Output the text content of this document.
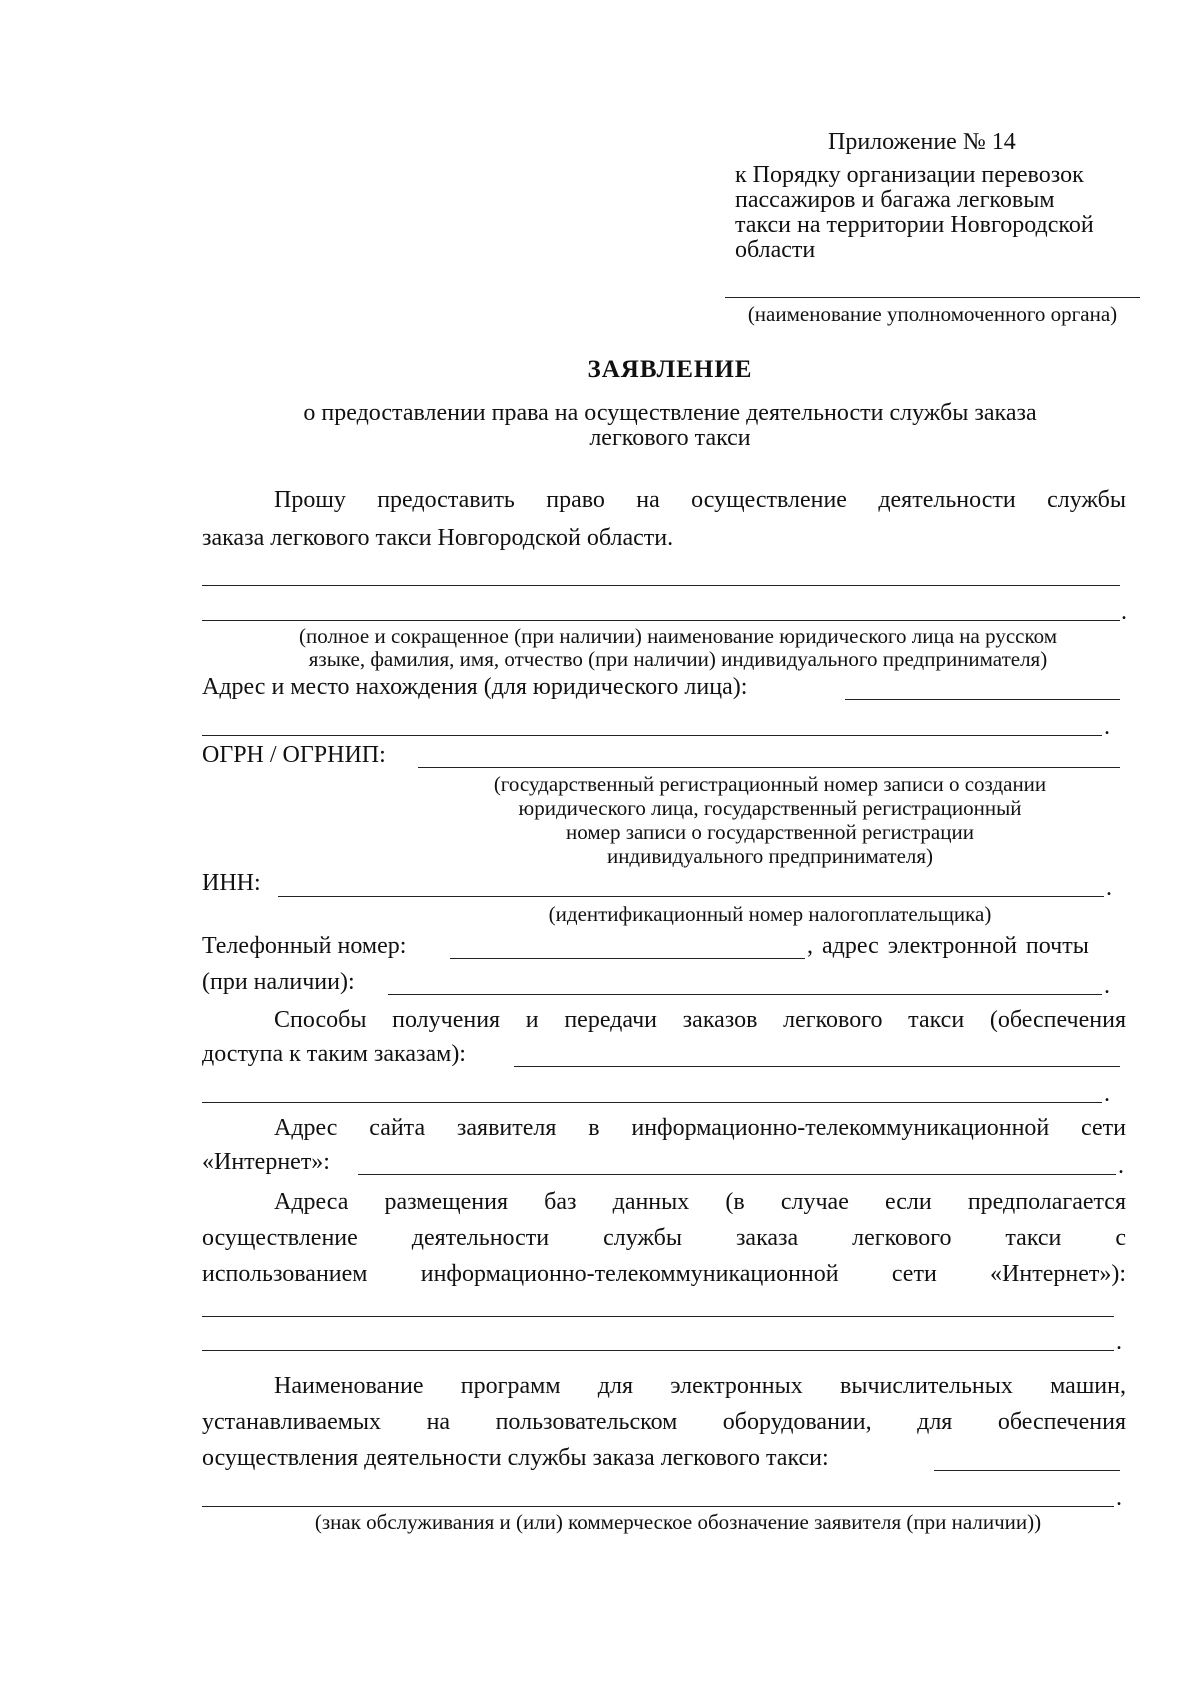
Приложение № 14
к Порядку организации перевозок
пассажиров и багажа легковым
такси на территории Новгородской
области
(наименование уполномоченного органа)
ЗАЯВЛЕНИЕ
о предоставлении права на осуществление деятельности службы заказа
легкового такси
Прошу предоставить право на осуществление деятельности службы
заказа легкового такси Новгородской области.
.
(полное и сокращенное (при наличии) наименование юридического лица на русском
языке, фамилия, имя, отчество (при наличии) индивидуального предпринимателя)
Адрес и место нахождения (для юридического лица):
.
ОГРН / ОГРНИП:
(государственный регистрационный номер записи о создании
юридического лица, государственный регистрационный
номер записи о государственной регистрации
индивидуального предпринимателя)
ИНН:	.
(идентификационный номер налогоплательщика)
Телефонный номер:	, адрес электронной почты
(при наличии):	.
Способы получения и передачи заказов легкового такси (обеспечения
доступа к таким заказам):
.
Адрес сайта заявителя в информационно-телекоммуникационной сети
«Интернет»:	.
Адреса размещения баз данных (в случае если предполагается
осуществление деятельности службы заказа легкового такси с
использованием информационно-телекоммуникационной сети «Интернет»):
.
Наименование программ для электронных вычислительных машин,
устанавливаемых на пользовательском оборудовании, для обеспечения
осуществления деятельности службы заказа легкового такси:
.
(знак обслуживания и (или) коммерческое обозначение заявителя (при наличии))
